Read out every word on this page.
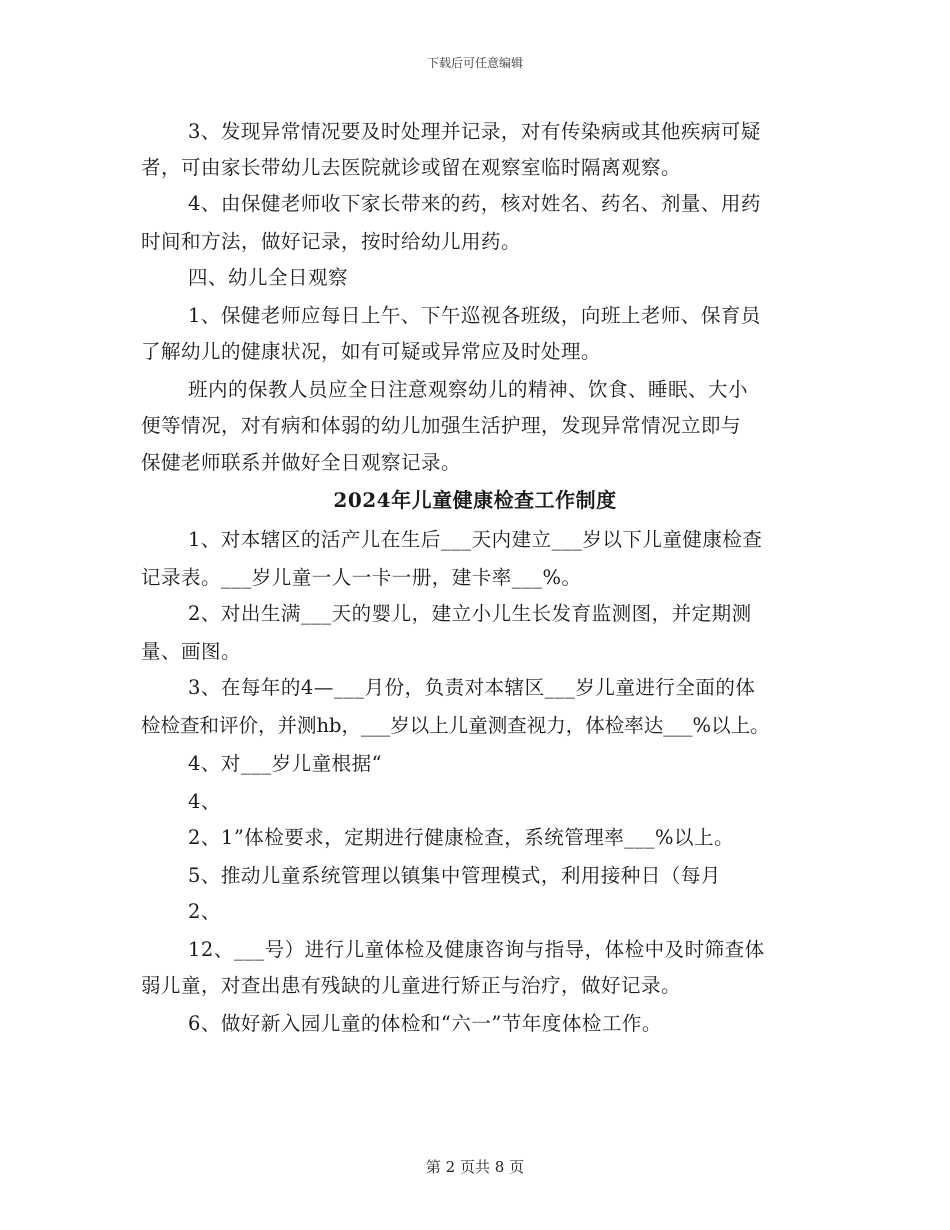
下载后可任意编辑
3、发现异常情况要及时处理并记录，对有传染病或其他疾病可疑
者，可由家长带幼儿去医院就诊或留在观察室临时隔离观察。
4、由保健老师收下家长带来的药，核对姓名、药名、剂量、用药
时间和方法，做好记录，按时给幼儿用药。
四、幼儿全日观察
1、保健老师应每日上午、下午巡视各班级，向班上老师、保育员
了解幼儿的健康状况，如有可疑或异常应及时处理。
班内的保教人员应全日注意观察幼儿的精神、饮食、睡眠、大小
便等情况，对有病和体弱的幼儿加强生活护理，发现异常情况立即与
保健老师联系并做好全日观察记录。
2024年儿童健康检查工作制度
1、对本辖区的活产儿在生后___天内建立___岁以下儿童健康检查
记录表。___岁儿童一人一卡一册，建卡率___%。
2、对出生满___天的婴儿，建立小儿生长发育监测图，并定期测
量、画图。
3、在每年的4—___月份，负责对本辖区___岁儿童进行全面的体
检检查和评价，并测hb，___岁以上儿童测查视力，体检率达___%以上。
4、对___岁儿童根据“
4、
2、1”体检要求，定期进行健康检查，系统管理率___%以上。
5、推动儿童系统管理以镇集中管理模式，利用接种日（每月
2、
12、___号）进行儿童体检及健康咨询与指导，体检中及时筛查体
弱儿童，对查出患有残缺的儿童进行矫正与治疗，做好记录。
6、做好新入园儿童的体检和“六一”节年度体检工作。
第 2 页共 8 页
